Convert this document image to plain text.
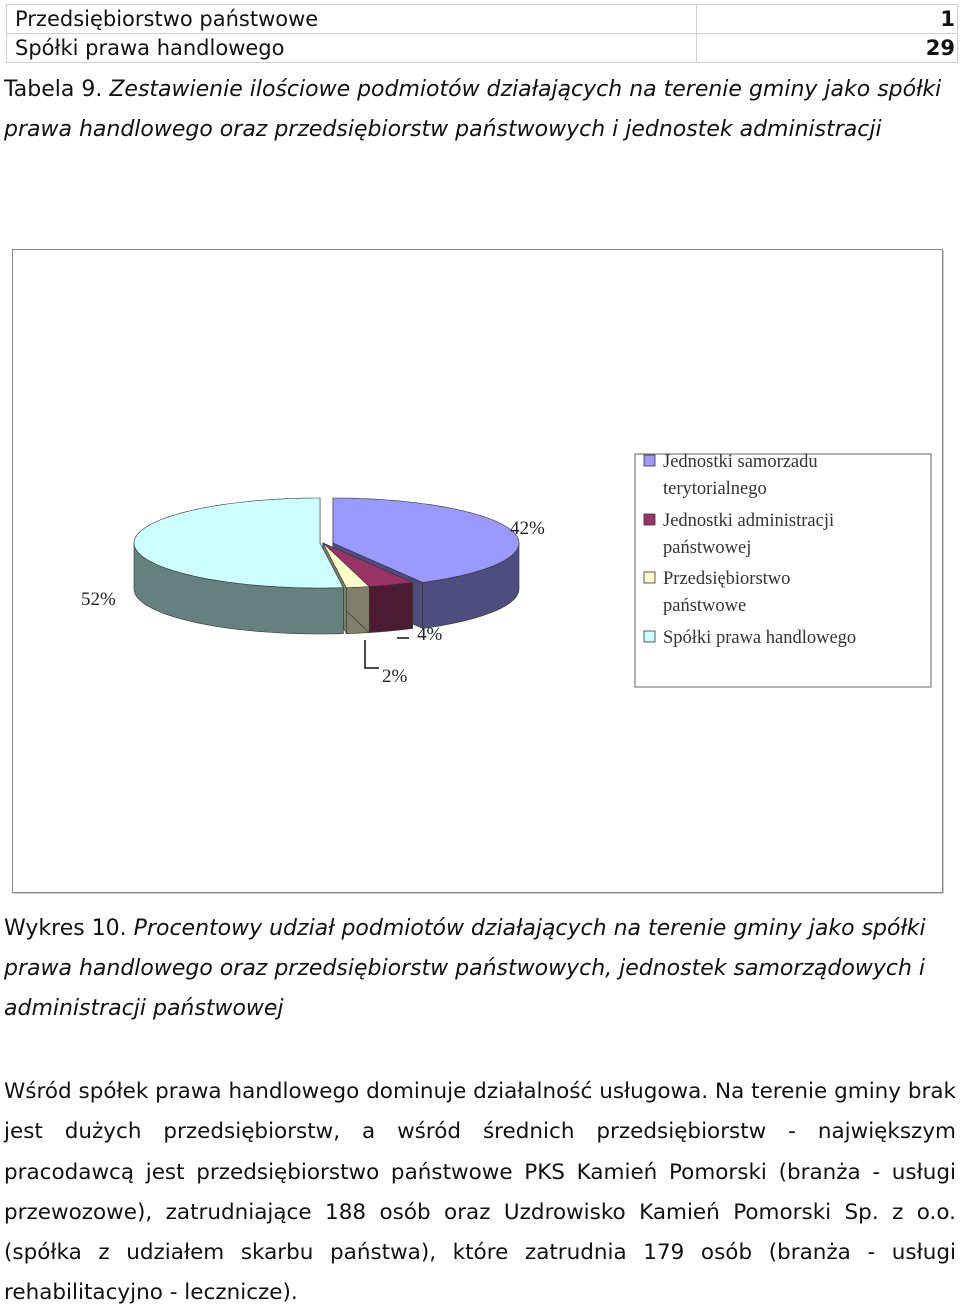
Przedsiębiorstwo państwowe	1
Spółki prawa handlowego	29
Tabela 9. Zestawienie ilościowe podmiotów działających na terenie gminy jako spółki prawa handlowego oraz przedsiębiorstw państwowych i jednostek administracji
42%
4%
2%
52%
Jednostki samorzadu
terytorialnego
Jednostki administracji
państwowej
Przedsiębiorstwo
państwowe
Spółki prawa handlowego
Wykres 10. Procentowy udział podmiotów działających na terenie gminy jako spółki prawa handlowego oraz przedsiębiorstw państwowych, jednostek samorządowych i administracji państwowej
Wśród spółek prawa handlowego dominuje działalność usługowa. Na terenie gminy brak jest dużych przedsiębiorstw, a wśród średnich przedsiębiorstw - największym pracodawcą jest przedsiębiorstwo państwowe PKS Kamień Pomorski (branża - usługi przewozowe), zatrudniające 188 osób oraz Uzdrowisko Kamień Pomorski Sp. z o.o.(spółka z udziałem skarbu państwa), które zatrudnia 179 osób (branża - usługi rehabilitacyjno - lecznicze).
